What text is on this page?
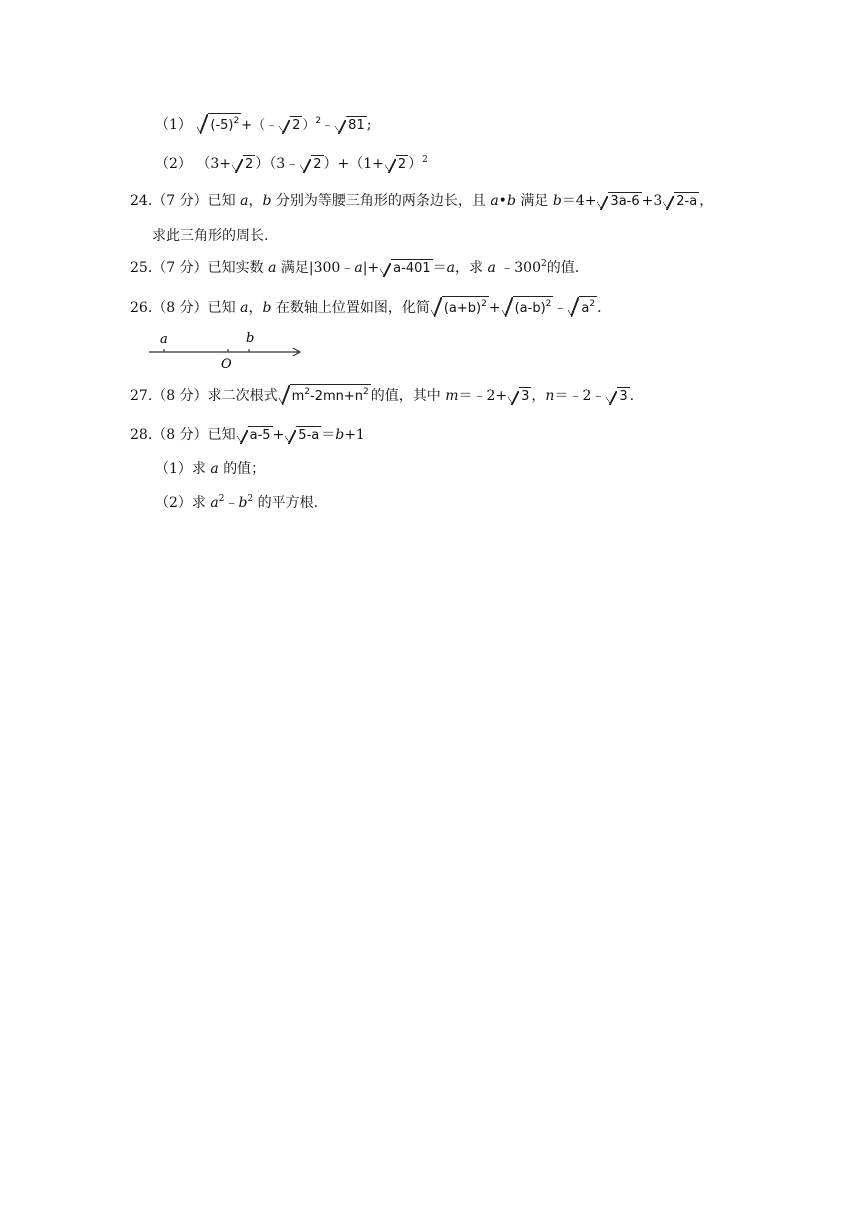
（1） $(-5)^2$ +（﹣ 2 ）$^2$﹣ 81 ;
（2） （3+ 2 ）（3﹣ 2 ）+（1+ 2 ）$^2$
24.（7 分）已知 a，b 分别为等腰三角形的两条边长，且 a•b 满足 b＝4+ 3a-6 +3 2-a ，
求此三角形的周长.
25.（7 分）已知实数 a 满足|300﹣a|+ a-401 ＝a，求 a $﹣300^2$的值.
26.（8 分）已知 a，b 在数轴上位置如图，化简 $(a+b)^2 + (a-b)^2$ ﹣ $a^2$ .
a	b
O
27.（8 分）求二次根式 $m^2-2mn+n^2$ 的值，其中 m＝﹣2+ 3 ，n＝﹣2﹣ 3 .
28.（8 分）已知 a-5 + 5-a ＝b+1
（1）求 a 的值；
（2）求 $a^2﹣b^2$ 的平方根.
